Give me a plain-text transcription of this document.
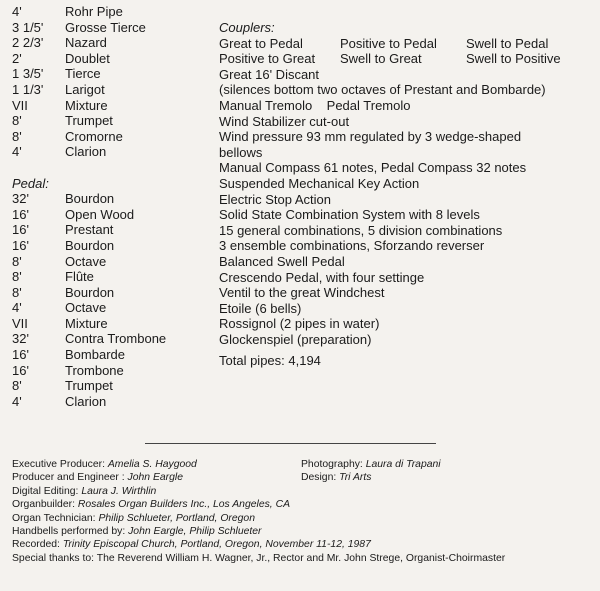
4'	Rohr Pipe
3 1/5'	Grosse Tierce
2 2/3'	Nazard
2'	Doublet
1 3/5'	Tierce
1 1/3'	Larigot
VII	Mixture
8'	Trumpet
8'	Cromorne
4'	Clarion
Pedal:
32'	Bourdon
16'	Open Wood
16'	Prestant
16'	Bourdon
8'	Octave
8'	Flûte
8'	Bourdon
4'	Octave
VII	Mixture
32'	Contra Trombone
16'	Bombarde
16'	Trombone
8'	Trumpet
4'	Clarion
Couplers:
Great to Pedal	Positive to Pedal	Swell to Pedal
Positive to Great	Swell to Great	Swell to Positive
Great 16' Discant
(silences bottom two octaves of Prestant and Bombarde)
Manual Tremolo    Pedal Tremolo
Wind Stabilizer cut-out
Wind pressure 93 mm regulated by 3 wedge-shaped
bellows
Manual Compass 61 notes, Pedal Compass 32 notes
Suspended Mechanical Key Action
Electric Stop Action
Solid State Combination System with 8 levels
15 general combinations, 5 division combinations
3 ensemble combinations, Sforzando reverser
Balanced Swell Pedal
Crescendo Pedal, with four settinge
Ventil to the great Windchest
Etoile (6 bells)
Rossignol (2 pipes in water)
Glockenspiel (preparation)
Total pipes: 4,194
Executive Producer: Amelia S. Haygood	Photography: Laura di Trapani
Producer and Engineer : John Eargle	Design: Tri Arts
Digital Editing: Laura J. Wirthlin
Organbuilder: Rosales Organ Builders Inc., Los Angeles, CA
Organ Technician: Philip Schlueter, Portland, Oregon
Handbells performed by: John Eargle, Philip Schlueter
Recorded: Trinity Episcopal Church, Portland, Oregon, November 11-12, 1987
Special thanks to: The Reverend William H. Wagner, Jr., Rector and Mr. John Strege, Organist-Choirmaster
